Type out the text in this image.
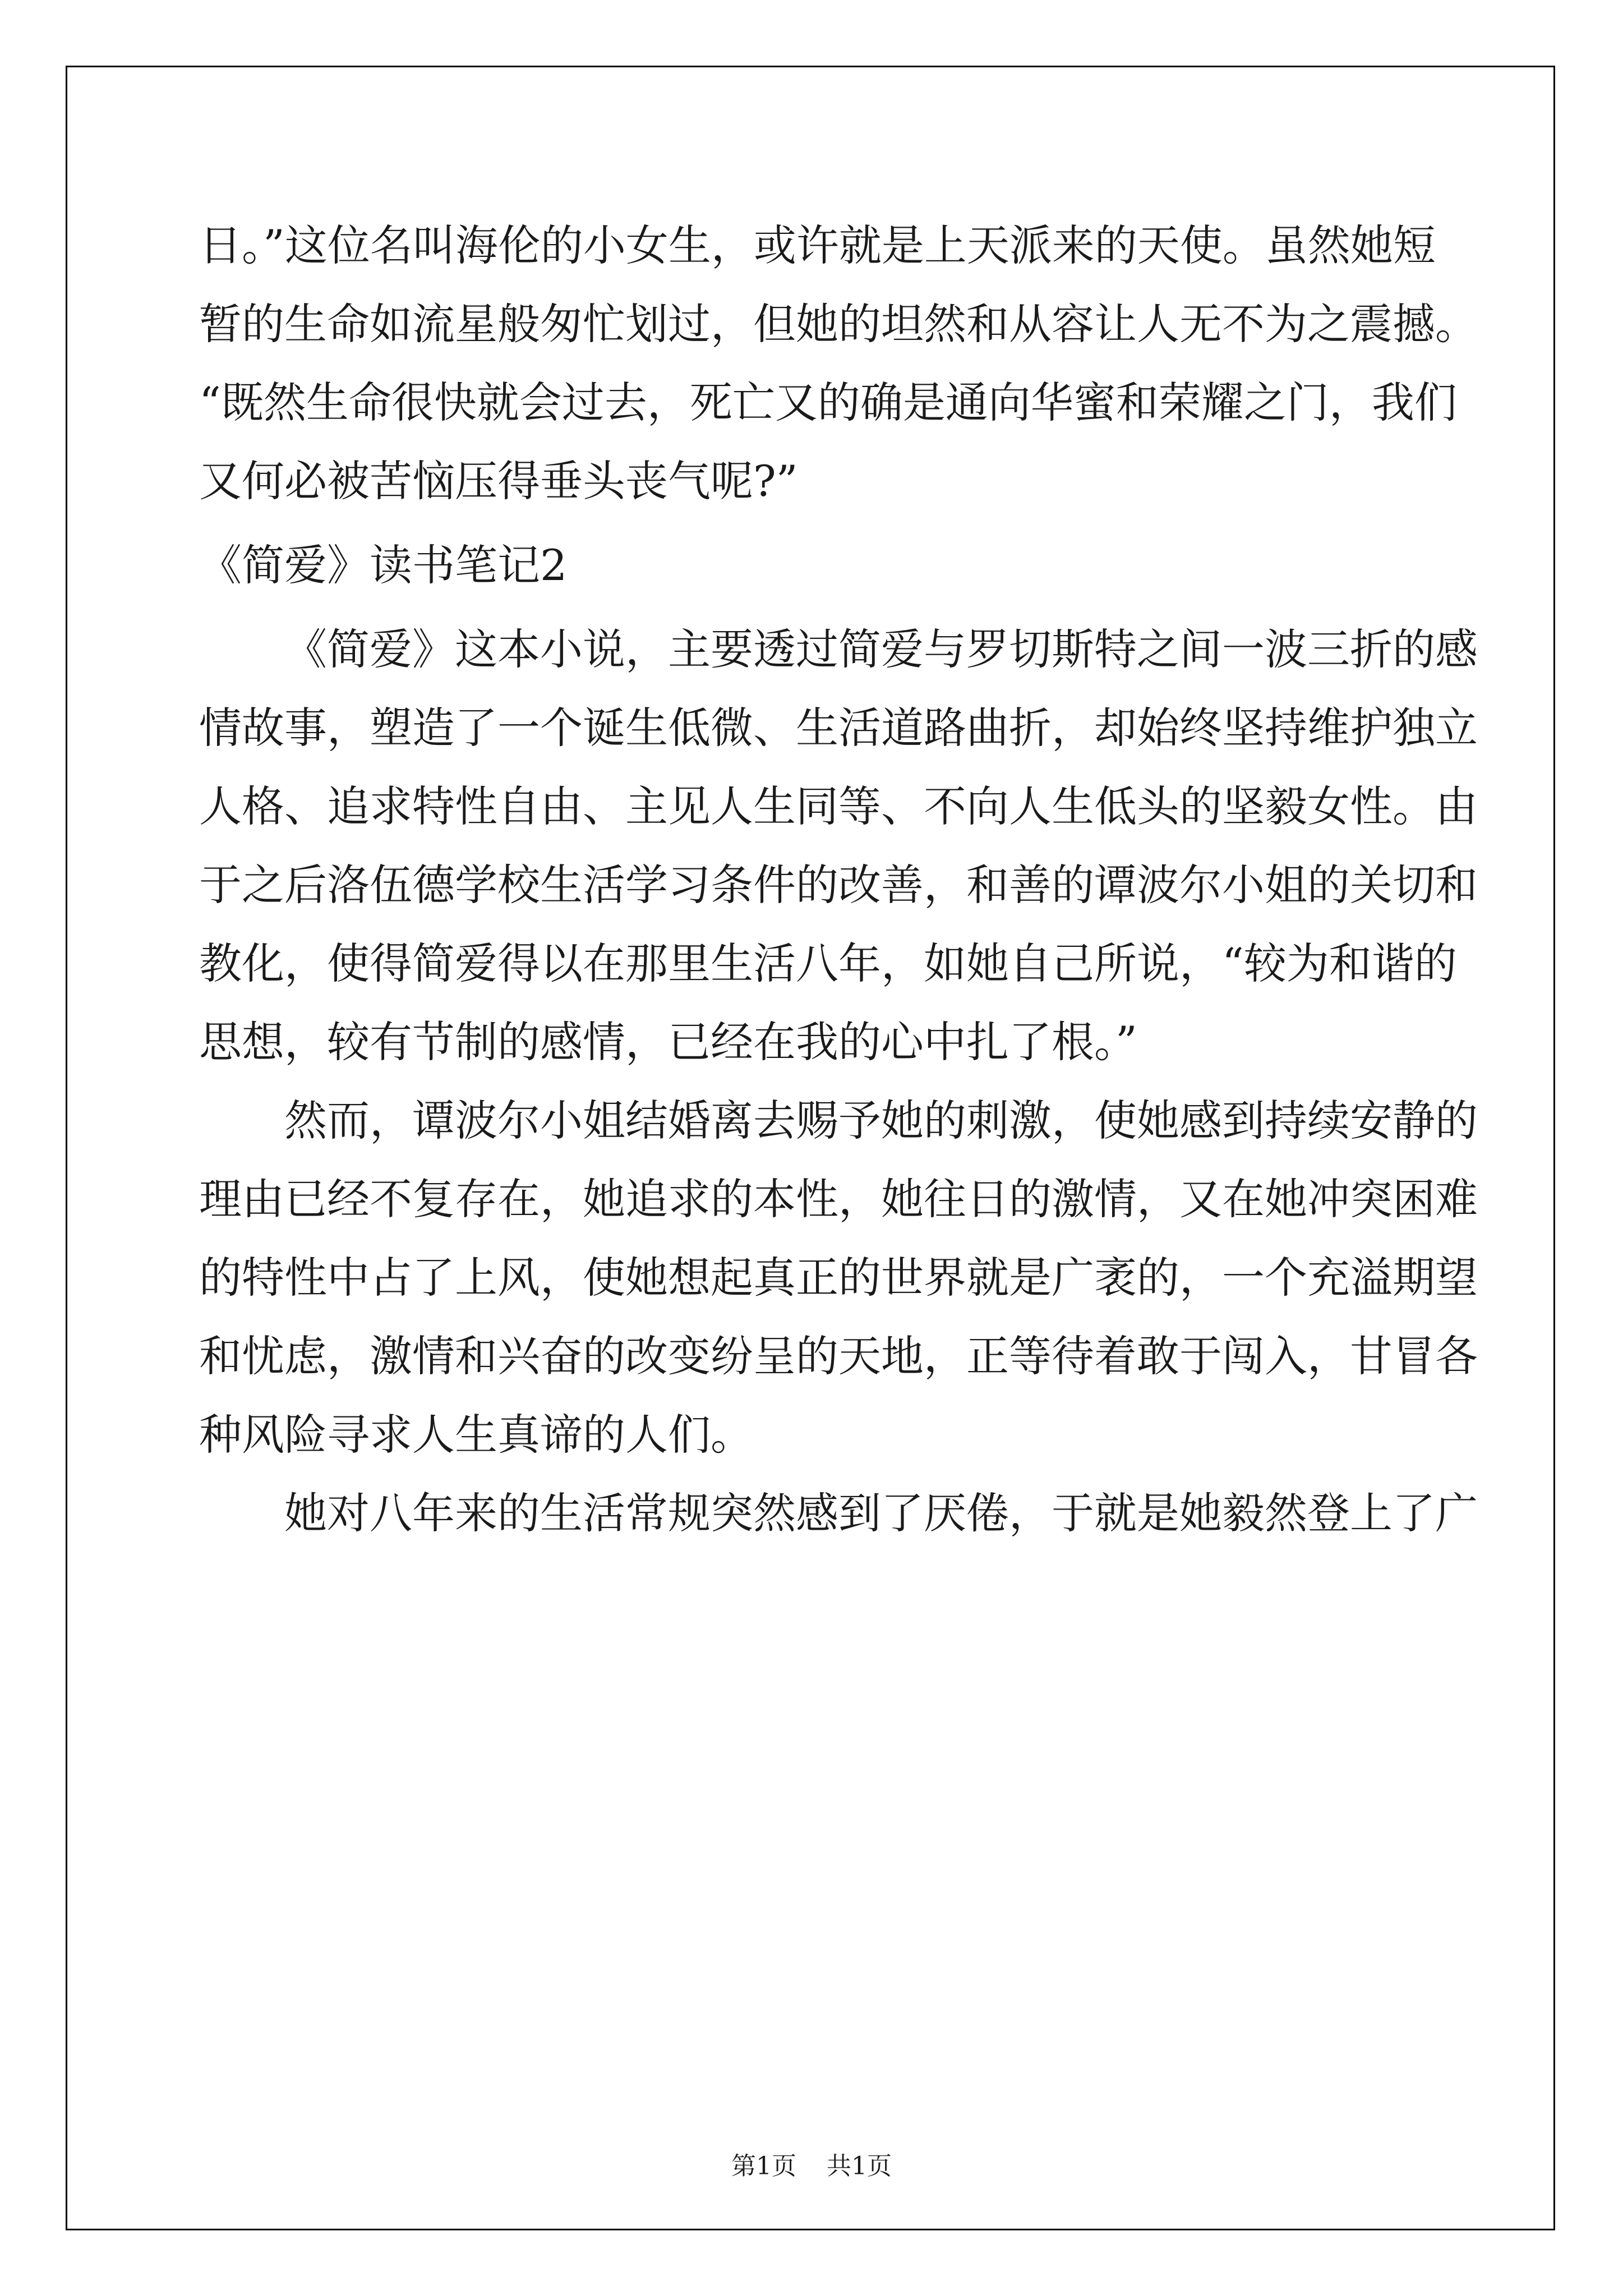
日。”这位名叫海伦的小女生，或许就是上天派来的天使。虽然她短
暂的生命如流星般匆忙划过，但她的坦然和从容让人无不为之震撼。
“既然生命很快就会过去，死亡又的确是通向华蜜和荣耀之门，我们
又何必被苦恼压得垂头丧气呢?”
《简爱》读书笔记2
《简爱》这本小说，主要透过简爱与罗切斯特之间一波三折的感
情故事，塑造了一个诞生低微、生活道路曲折，却始终坚持维护独立
人格、追求特性自由、主见人生同等、不向人生低头的坚毅女性。由
于之后洛伍德学校生活学习条件的改善，和善的谭波尔小姐的关切和
教化，使得简爱得以在那里生活八年，如她自己所说，“较为和谐的
思想，较有节制的感情，已经在我的心中扎了根。”
然而，谭波尔小姐结婚离去赐予她的刺激，使她感到持续安静的
理由已经不复存在，她追求的本性，她往日的激情，又在她冲突困难
的特性中占了上风，使她想起真正的世界就是广袤的，一个充溢期望
和忧虑，激情和兴奋的改变纷呈的天地，正等待着敢于闯入，甘冒各
种风险寻求人生真谛的人们。
她对八年来的生活常规突然感到了厌倦，于就是她毅然登上了广
第1页 共1页
